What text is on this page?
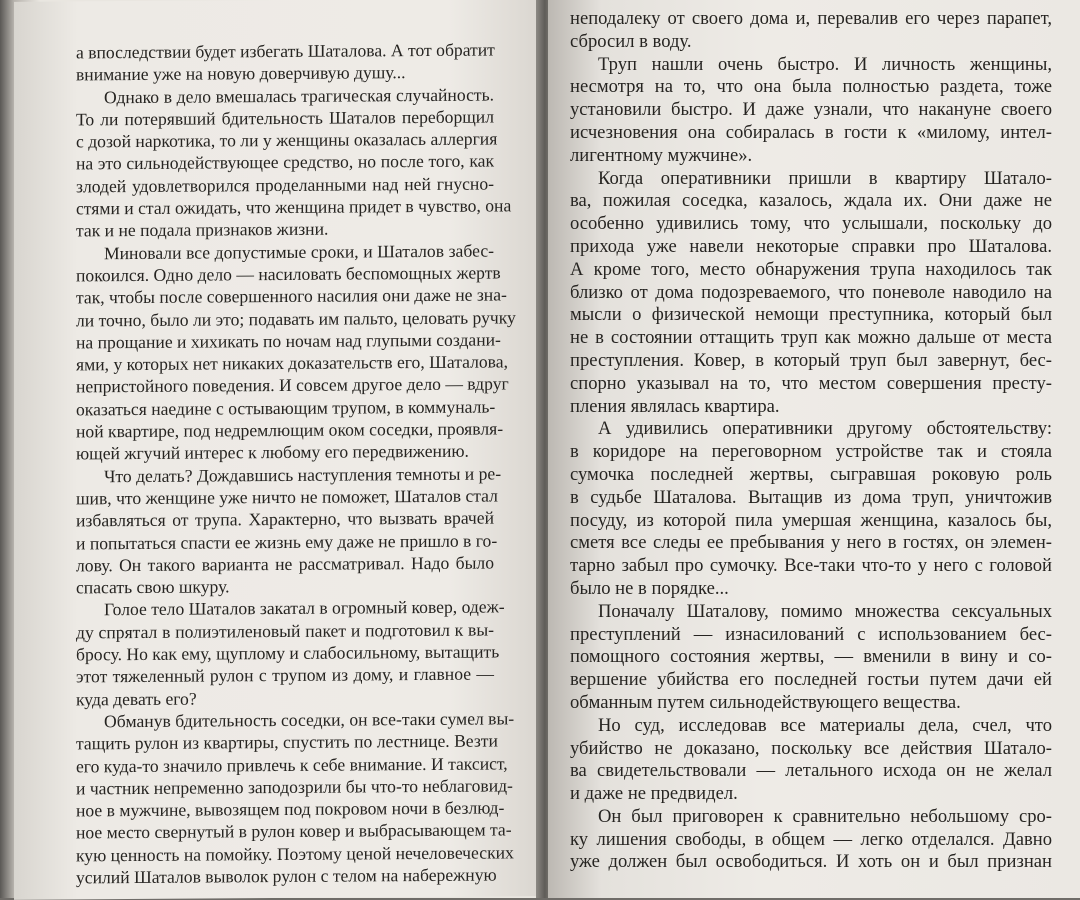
а впоследствии будет избегать Шаталова. А тот обратит
внимание уже на новую доверчивую душу...
Однако в дело вмешалась трагическая случайность.
То ли потерявший бдительность Шаталов переборщил
с дозой наркотика, то ли у женщины оказалась аллергия
на это сильнодействующее средство, но после того, как
злодей удовлетворился проделанными над ней гнусно-
стями и стал ожидать, что женщина придет в чувство, она
так и не подала признаков жизни.
Миновали все допустимые сроки, и Шаталов забес-
покоился. Одно дело — насиловать беспомощных жертв
так, чтобы после совершенного насилия они даже не зна-
ли точно, было ли это; подавать им пальто, целовать ручку
на прощание и хихикать по ночам над глупыми создани-
ями, у которых нет никаких доказательств его, Шаталова,
непристойного поведения. И совсем другое дело — вдруг
оказаться наедине с остывающим трупом, в коммуналь-
ной квартире, под недремлющим оком соседки, проявля-
ющей жгучий интерес к любому его передвижению.
Что делать? Дождавшись наступления темноты и ре-
шив, что женщине уже ничто не поможет, Шаталов стал
избавляться от трупа. Характерно, что вызвать врачей
и попытаться спасти ее жизнь ему даже не пришло в го-
лову. Он такого варианта не рассматривал. Надо было
спасать свою шкуру.
Голое тело Шаталов закатал в огромный ковер, одеж-
ду спрятал в полиэтиленовый пакет и подготовил к вы-
бросу. Но как ему, щуплому и слабосильному, вытащить
этот тяжеленный рулон с трупом из дому, и главное —
куда девать его?
Обманув бдительность соседки, он все-таки сумел вы-
тащить рулон из квартиры, спустить по лестнице. Везти
его куда-то значило привлечь к себе внимание. И таксист,
и частник непременно заподозрили бы что-то неблаговид-
ное в мужчине, вывозящем под покровом ночи в безлюд-
ное место свернутый в рулон ковер и выбрасывающем та-
кую ценность на помойку. Поэтому ценой нечеловеческих
усилий Шаталов выволок рулон с телом на набережную
неподалеку от своего дома и, перевалив его через парапет,
сбросил в воду.
Труп нашли очень быстро. И личность женщины,
несмотря на то, что она была полностью раздета, тоже
установили быстро. И даже узнали, что накануне своего
исчезновения она собиралась в гости к «милому, интел-
лигентному мужчине».
Когда оперативники пришли в квартиру Шатало-
ва, пожилая соседка, казалось, ждала их. Они даже не
особенно удивились тому, что услышали, поскольку до
прихода уже навели некоторые справки про Шаталова.
А кроме того, место обнаружения трупа находилось так
близко от дома подозреваемого, что поневоле наводило на
мысли о физической немощи преступника, который был
не в состоянии оттащить труп как можно дальше от места
преступления. Ковер, в который труп был завернут, бес-
спорно указывал на то, что местом совершения престу-
пления являлась квартира.
А удивились оперативники другому обстоятельству:
в коридоре на переговорном устройстве так и стояла
сумочка последней жертвы, сыгравшая роковую роль
в судьбе Шаталова. Вытащив из дома труп, уничтожив
посуду, из которой пила умершая женщина, казалось бы,
сметя все следы ее пребывания у него в гостях, он элемен-
тарно забыл про сумочку. Все-таки что-то у него с головой
было не в порядке...
Поначалу Шаталову, помимо множества сексуальных
преступлений — изнасилований с использованием бес-
помощного состояния жертвы, — вменили в вину и со-
вершение убийства его последней гостьи путем дачи ей
обманным путем сильнодействующего вещества.
Но суд, исследовав все материалы дела, счел, что
убийство не доказано, поскольку все действия Шатало-
ва свидетельствовали — летального исхода он не желал
и даже не предвидел.
Он был приговорен к сравнительно небольшому сро-
ку лишения свободы, в общем — легко отделался. Давно
уже должен был освободиться. И хоть он и был признан
